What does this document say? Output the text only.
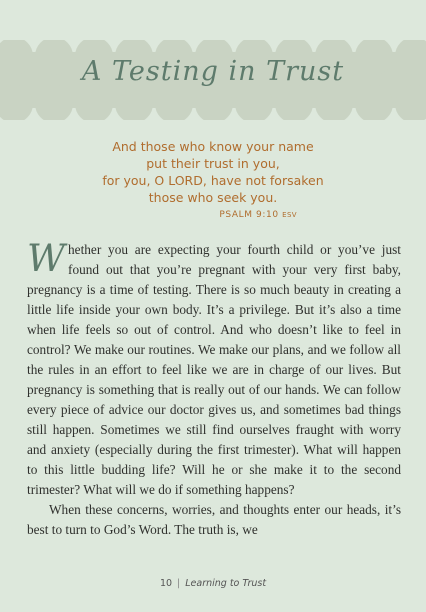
A Testing in Trust
And those who know your name
put their trust in you,
for you, O LORD, have not forsaken
those who seek you.
PSALM 9:10 ESV

Whether you are expecting your fourth child or you’ve just found out that you’re pregnant with your very first baby, pregnancy is a time of testing. There is so much beauty in creating a little life inside your own body. It’s a privilege. But it’s also a time when life feels so out of control. And who doesn’t like to feel in control? We make our routines. We make our plans, and we follow all the rules in an effort to feel like we are in charge of our lives. But pregnancy is something that is really out of our hands. We can follow every piece of advice our doctor gives us, and sometimes bad things still happen. Sometimes we still find ourselves fraught with worry and anxiety (especially during the first trimester). What will happen to this little budding life? Will he or she make it to the second trimester? What will we do if something happens?

When these concerns, worries, and thoughts enter our heads, it’s best to turn to God’s Word. The truth is, we

10 | Learning to Trust
